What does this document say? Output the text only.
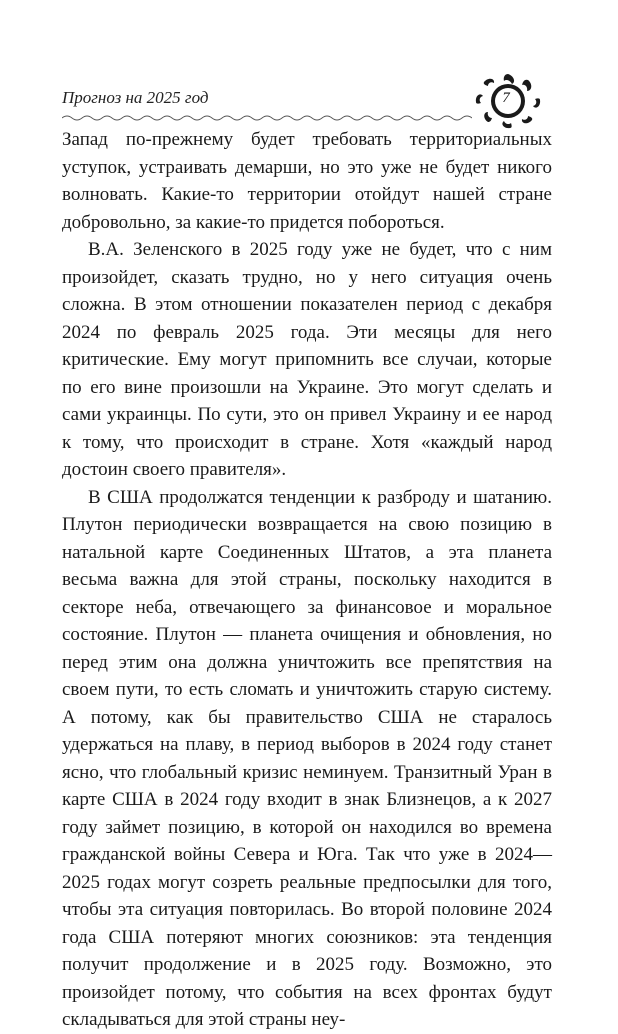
Прогноз на 2025 год	7

Запад по-прежнему будет требовать территориальных уступок, устраивать демарши, но это уже не будет никого волновать. Какие-то территории отойдут нашей стране добровольно, за какие-то придется побороться.

В.А. Зеленского в 2025 году уже не будет, что с ним произойдет, сказать трудно, но у него ситуация очень сложна. В этом отношении показателен период с декабря 2024 по февраль 2025 года. Эти месяцы для него критические. Ему могут припомнить все случаи, которые по его вине произошли на Украине. Это могут сделать и сами украинцы. По сути, это он привел Украину и ее народ к тому, что происходит в стране. Хотя «каждый народ достоин своего правителя».

В США продолжатся тенденции к разброду и шатанию. Плутон периодически возвращается на свою позицию в натальной карте Соединенных Штатов, а эта планета весьма важна для этой страны, поскольку находится в секторе неба, отвечающего за финансовое и моральное состояние. Плутон — планета очищения и обновления, но перед этим она должна уничтожить все препятствия на своем пути, то есть сломать и уничтожить старую систему. А потому, как бы правительство США не старалось удержаться на плаву, в период выборов в 2024 году станет ясно, что глобальный кризис неминуем. Транзитный Уран в карте США в 2024 году входит в знак Близнецов, а к 2027 году займет позицию, в которой он находился во времена гражданской войны Севера и Юга. Так что уже в 2024—2025 годах могут созреть реальные предпосылки для того, чтобы эта ситуация повторилась. Во второй половине 2024 года США потеряют многих союзников: эта тенденция получит продолжение и в 2025 году. Возможно, это произойдет потому, что события на всех фронтах будут складываться для этой страны неу-
